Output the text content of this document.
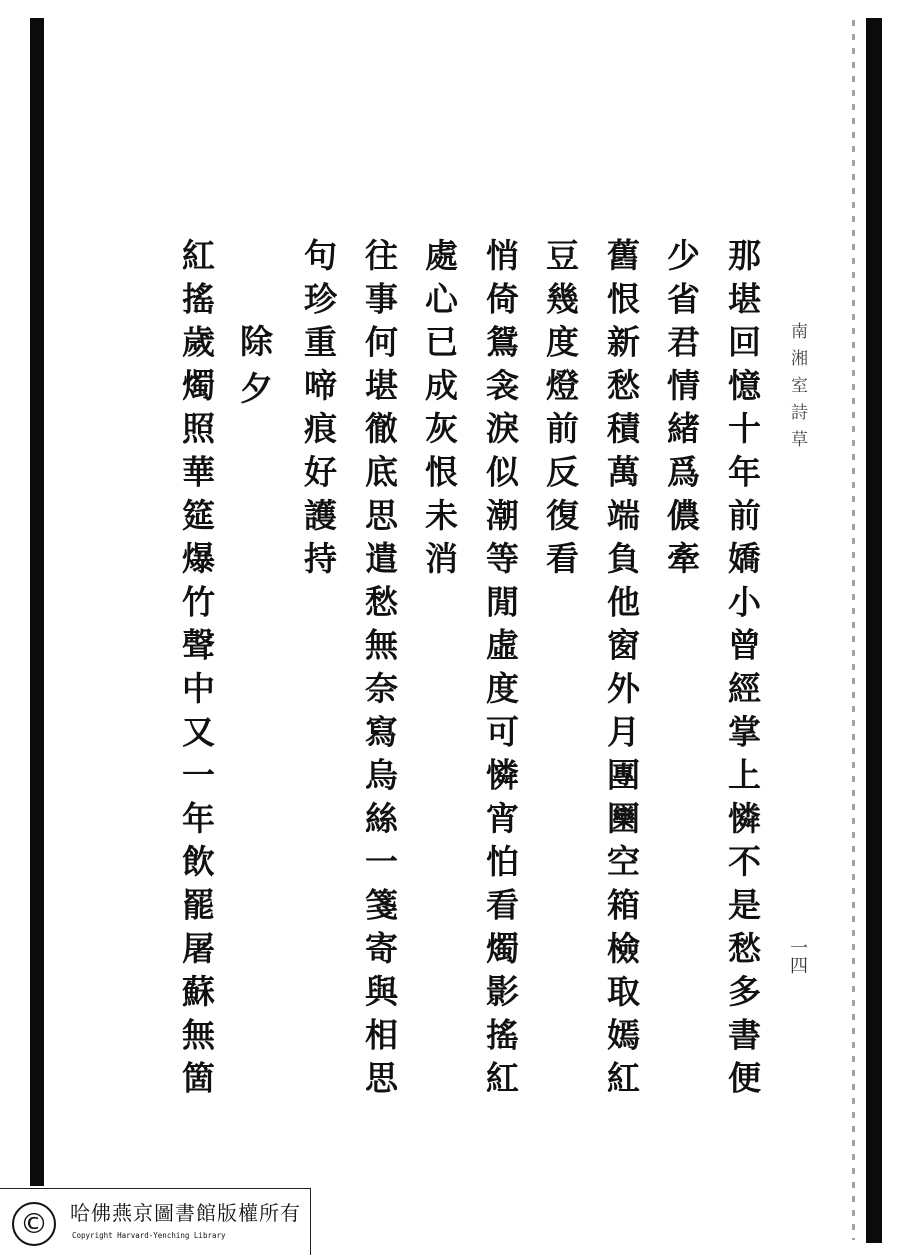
南湘室詩草
一四
那堪回憶十年前嬌小曾經掌上憐不是愁多書便
少省君情緒爲儂牽
舊恨新愁積萬端負他窗外月團圞空箱檢取嫣紅
豆幾度燈前反復看
悄倚鴛衾淚似潮等閒虛度可憐宵怕看燭影搖紅
處心已成灰恨未消
往事何堪徹底思遣愁無奈寫烏絲一箋寄與相思
句珍重啼痕好護持
除夕
紅搖歲燭照華筵爆竹聲中又一年飲罷屠蘇無箇
©	哈佛燕京圖書館版權所有
Copyright Harvard-Yenching Library
